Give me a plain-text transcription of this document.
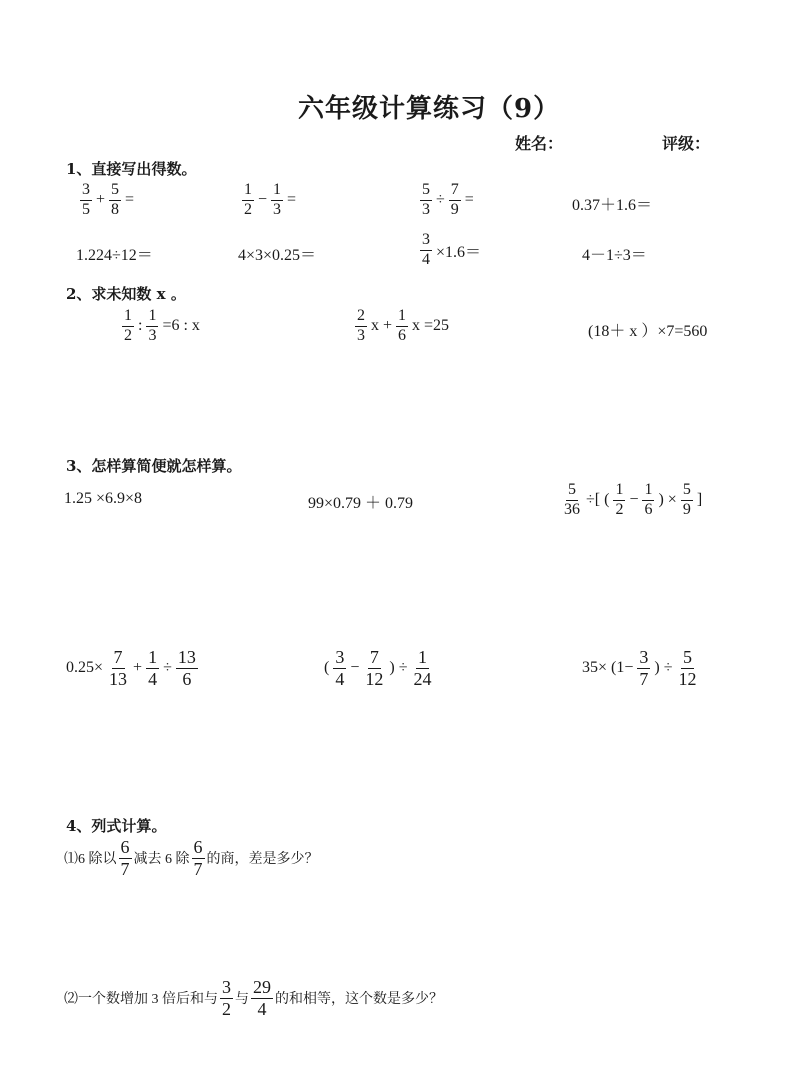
六年级计算练习（9）
姓名：	评级：
1、直接写出得数。
$\frac{3}{5} + \frac{5}{8}$ =	$\frac{1}{2} - \frac{1}{3}$ =	$\frac{5}{3} \div \frac{7}{9}$ =	0.37＋1.6＝
1.224÷12＝	4×3×0.25＝	$\frac{3}{4} \times 1.6=$	4－1÷3＝
2、求未知数 x 。
$\frac{1}{2}$ : $\frac{1}{3} =6$ : x	$\frac{2}{3}$ $x + \frac{1}{6}$ x =25	(18＋ x ）×7=560
3、怎样算简便就怎样算。
1.25 ×6.9×8	99×0.79 ＋ 0.79	$\frac{5}{36}$ ÷[ ( $\frac{1}{2} - \frac{1}{6}$ ) × $\frac{5}{9}$ ]
$0.25\times \frac{7}{13} + \frac{1}{4} \div \frac{13}{6}$	( $\frac{3}{4} - \frac{7}{12}$ ) ÷ $\frac{1}{24}$	$35\times (1- \frac{3}{7}$ ) ÷ $\frac{5}{12}$
4、列式计算。
⑴6 除以 $\frac{6}{7}$ 减去 6 除 $\frac{6}{7}$ 的商，差是多少？
⑵一个数增加 3 倍后和与 $\frac{3}{2}$ 与 $\frac{29}{4}$ 的和相等，这个数是多少？
